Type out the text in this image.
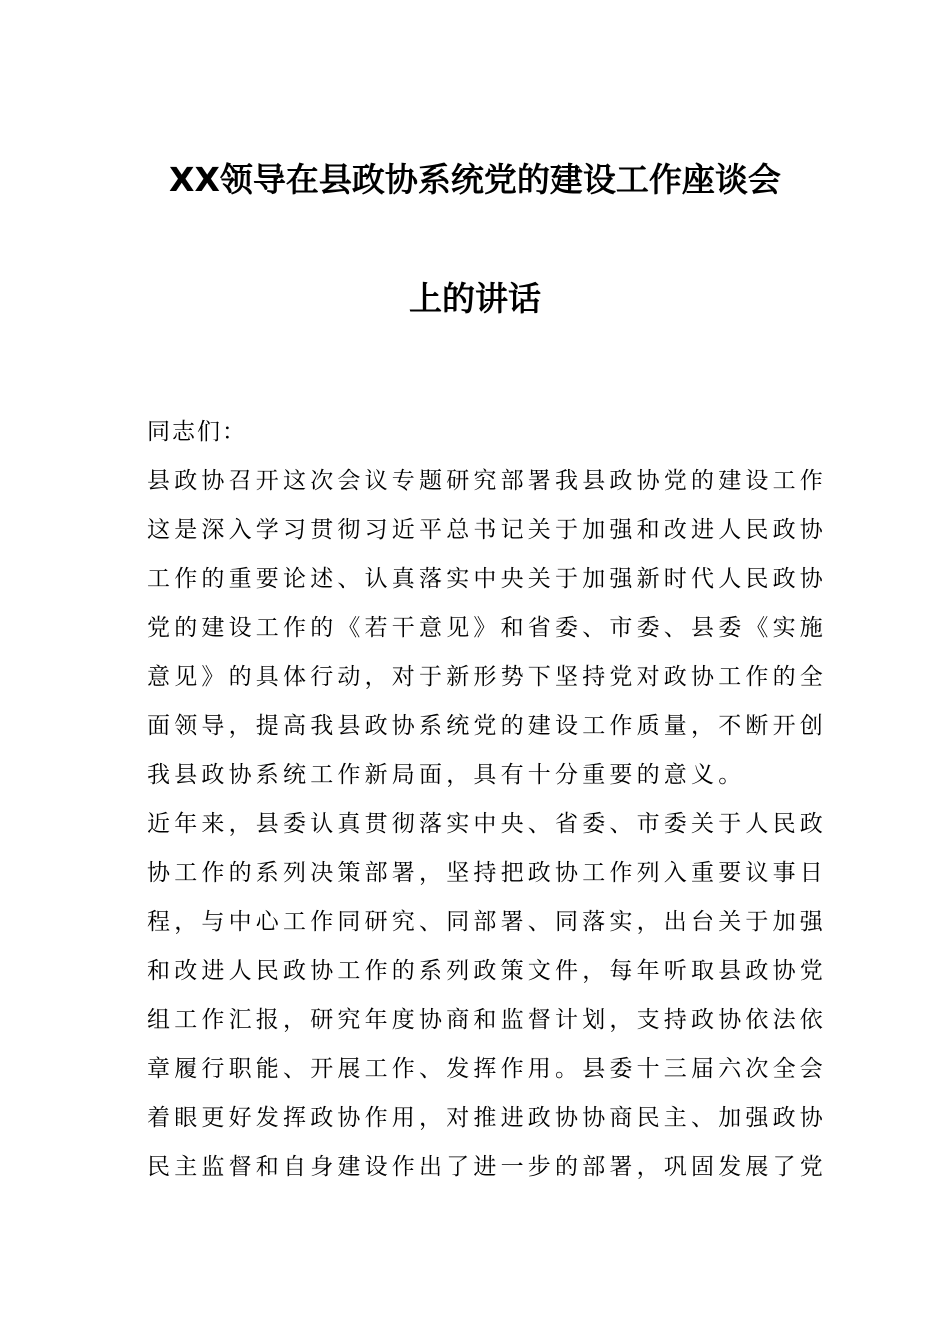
XX领导在县政协系统党的建设工作座谈会
上的讲话
同志们：
县政协召开这次会议专题研究部署我县政协党的建设工作
这是深入学习贯彻习近平总书记关于加强和改进人民政协
工作的重要论述、认真落实中央关于加强新时代人民政协
党的建设工作的《若干意见》和省委、市委、县委《实施
意见》的具体行动，对于新形势下坚持党对政协工作的全
面领导，提高我县政协系统党的建设工作质量，不断开创
我县政协系统工作新局面，具有十分重要的意义。
近年来，县委认真贯彻落实中央、省委、市委关于人民政
协工作的系列决策部署，坚持把政协工作列入重要议事日
程，与中心工作同研究、同部署、同落实，出台关于加强
和改进人民政协工作的系列政策文件，每年听取县政协党
组工作汇报，研究年度协商和监督计划，支持政协依法依
章履行职能、开展工作、发挥作用。县委十三届六次全会
着眼更好发挥政协作用，对推进政协协商民主、加强政协
民主监督和自身建设作出了进一步的部署，巩固发展了党
